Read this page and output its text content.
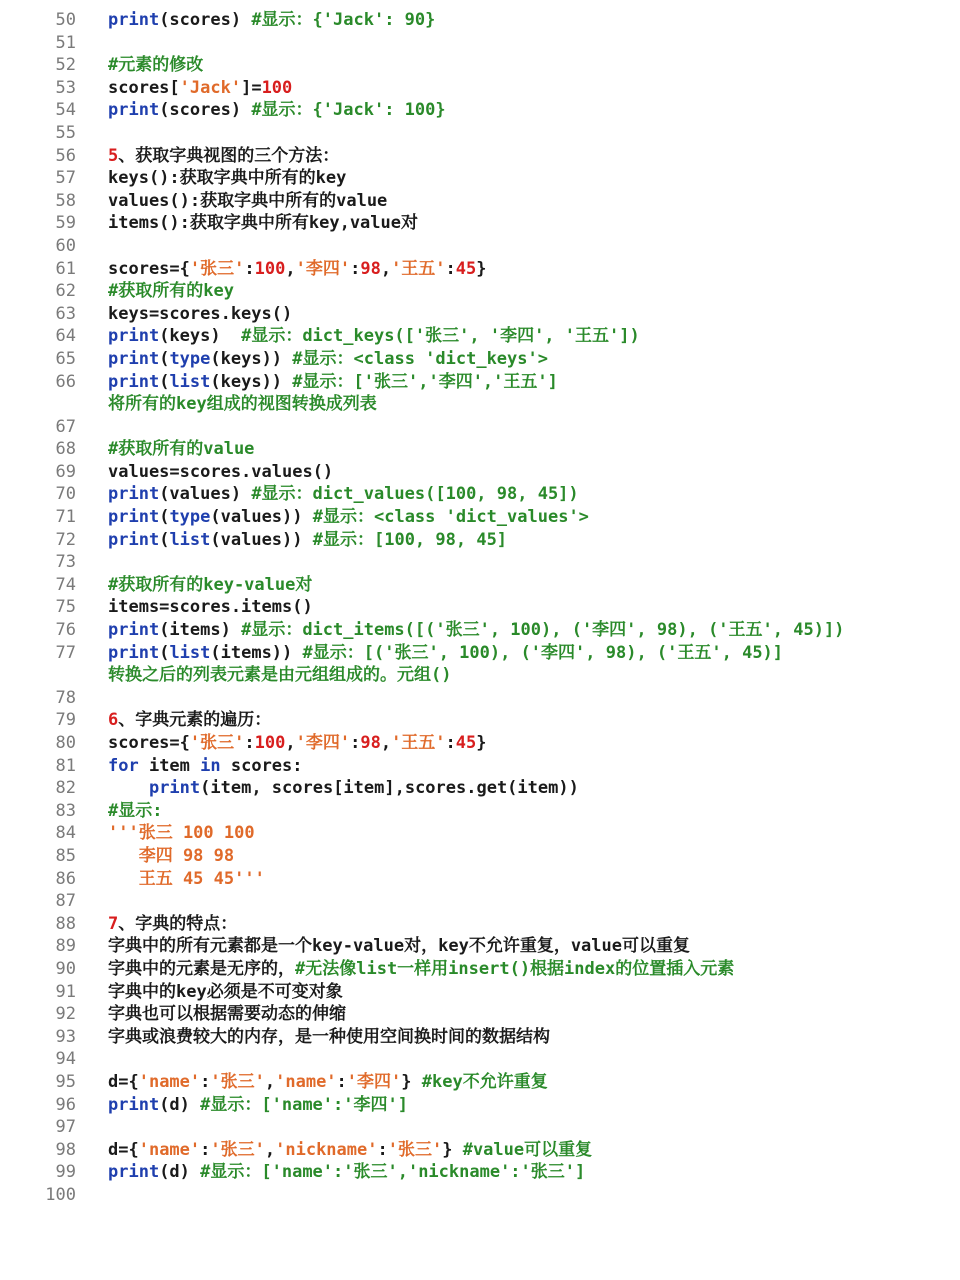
50 print(scores) #显示：{'Jack': 90}
51
52 #元素的修改
53 scores['Jack']=100
54 print(scores) #显示：{'Jack': 100}
55
56 5、获取字典视图的三个方法：
57 keys():获取字典中所有的key
58 values():获取字典中所有的value
59 items():获取字典中所有key,value对
60
61 scores={'张三':100,'李四':98,'王五':45}
62 #获取所有的key
63 keys=scores.keys()
64 print(keys)  #显示：dict_keys(['张三', '李四', '王五'])
65 print(type(keys)) #显示：<class 'dict_keys'>
66 print(list(keys)) #显示：['张三','李四','王五']
将所有的key组成的视图转换成列表
67
68 #获取所有的value
69 values=scores.values()
70 print(values) #显示：dict_values([100, 98, 45])
71 print(type(values)) #显示：<class 'dict_values'>
72 print(list(values)) #显示：[100, 98, 45]
73
74 #获取所有的key-value对
75 items=scores.items()
76 print(items) #显示：dict_items([('张三', 100), ('李四', 98), ('王五', 45)])
77 print(list(items)) #显示：[('张三', 100), ('李四', 98), ('王五', 45)]
转换之后的列表元素是由元组组成的。元组()
78
79 6、字典元素的遍历：
80 scores={'张三':100,'李四':98,'王五':45}
81 for item in scores:
82	print(item, scores[item],scores.get(item))
83 #显示:
84 '''张三 100 100
85 李四 98 98
86 王五 45 45'''
87
88 7、字典的特点：
89 字典中的所有元素都是一个key-value对，key不允许重复，value可以重复
90 字典中的元素是无序的，#无法像list一样用insert()根据index的位置插入元素
91 字典中的key必须是不可变对象
92 字典也可以根据需要动态的伸缩
93 字典或浪费较大的内存，是一种使用空间换时间的数据结构
94
95 d={'name':'张三','name':'李四'} #key不允许重复
96 print(d) #显示：['name':'李四']
97
98 d={'name':'张三','nickname':'张三'} #value可以重复
99 print(d) #显示：['name':'张三','nickname':'张三']
100
